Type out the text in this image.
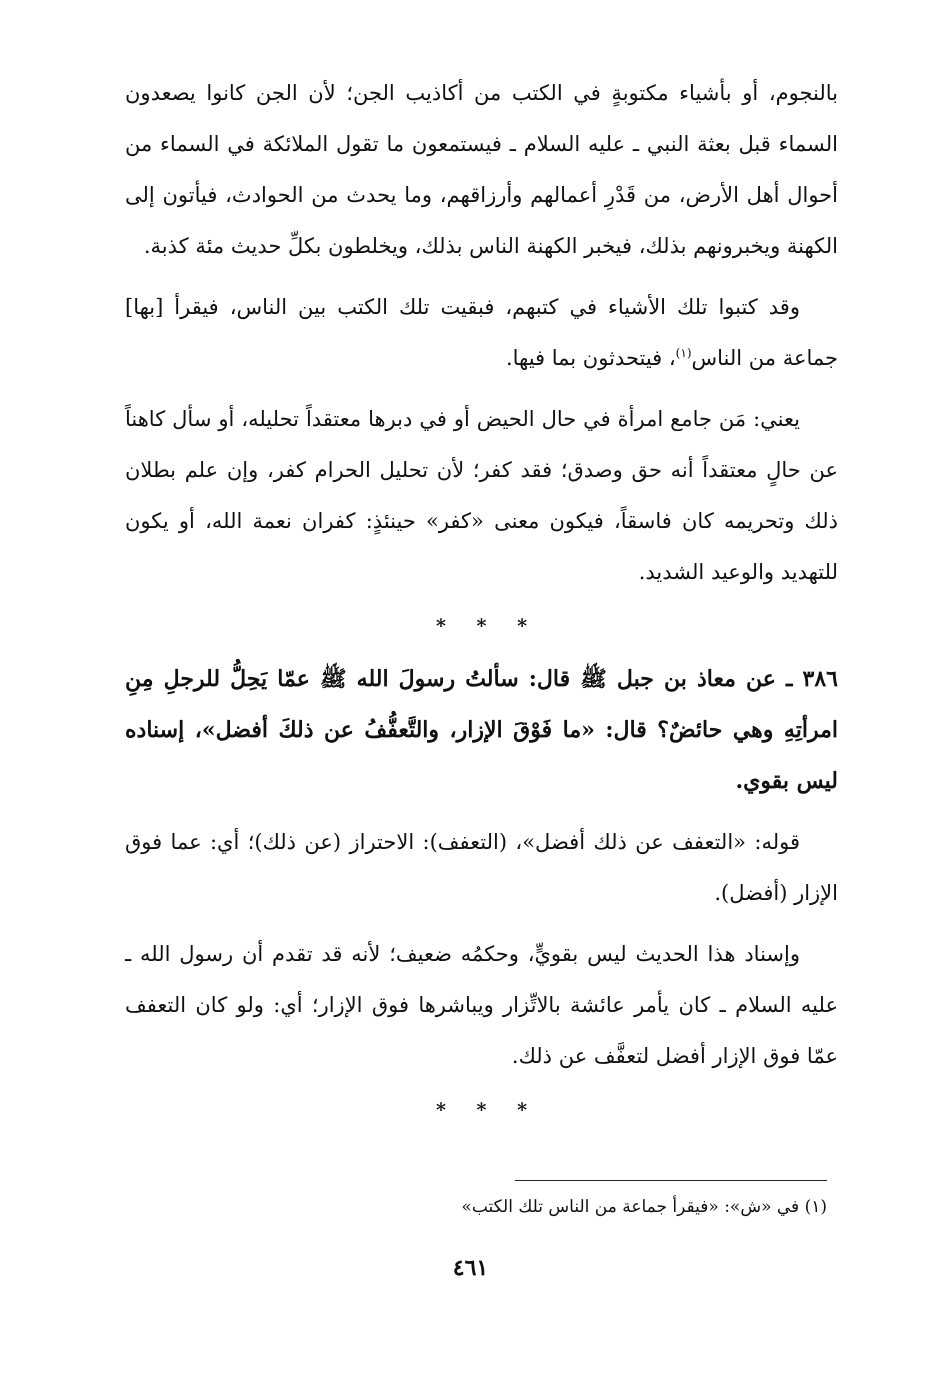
بالنجوم، أو بأشياء مكتوبةٍ في الكتب من أكاذيب الجن؛ لأن الجن كانوا يصعدون السماء قبل بعثة النبي ـ عليه السلام ـ فيستمعون ما تقول الملائكة في السماء من أحوال أهل الأرض، من قَدْرِ أعمالهم وأرزاقهم، وما يحدث من الحوادث، فيأتون إلى الكهنة ويخبرونهم بذلك، فيخبر الكهنة الناس بذلك، ويخلطون بكلِّ حديث مئة كذبة.

وقد كتبوا تلك الأشياء في كتبهم، فبقيت تلك الكتب بين الناس، فيقرأ [بها] جماعة من الناس$^{(١)}$، فيتحدثون بما فيها.

يعني: مَن جامع امرأة في حال الحيض أو في دبرها معتقداً تحليله، أو سأل كاهناً عن حالٍ معتقداً أنه حق وصدق؛ فقد كفر؛ لأن تحليل الحرام كفر، وإن علم بطلان ذلك وتحريمه كان فاسقاً، فيكون معنى «كفر» حينئذٍ: كفران نعمة الله، أو يكون للتهديد والوعيد الشديد.

* * *

٣٨٦ ـ عن معاذ بن جبل ﷺ قال: سألتُ رسولَ الله ﷺ عمّا يَحِلُّ للرجلِ مِنِ امرأتِهِ وهي حائضٌ؟ قال: «ما فَوْقَ الإزار، والتَّعفُّفُ عن ذلكَ أفضل»، إسناده ليس بقوي.

قوله: «التعفف عن ذلك أفضل»، (التعفف): الاحتراز (عن ذلك)؛ أي: عما فوق الإزار (أفضل).

وإسناد هذا الحديث ليس بقويٍّ، وحكمُه ضعيف؛ لأنه قد تقدم أن رسول الله ـ عليه السلام ـ كان يأمر عائشة بالاتِّزار ويباشرها فوق الإزار؛ أي: ولو كان التعفف عمّا فوق الإزار أفضل لتعفَّف عن ذلك.

* * *
(١) في «ش»: «فيقرأ جماعة من الناس تلك الكتب»
٤٦١
